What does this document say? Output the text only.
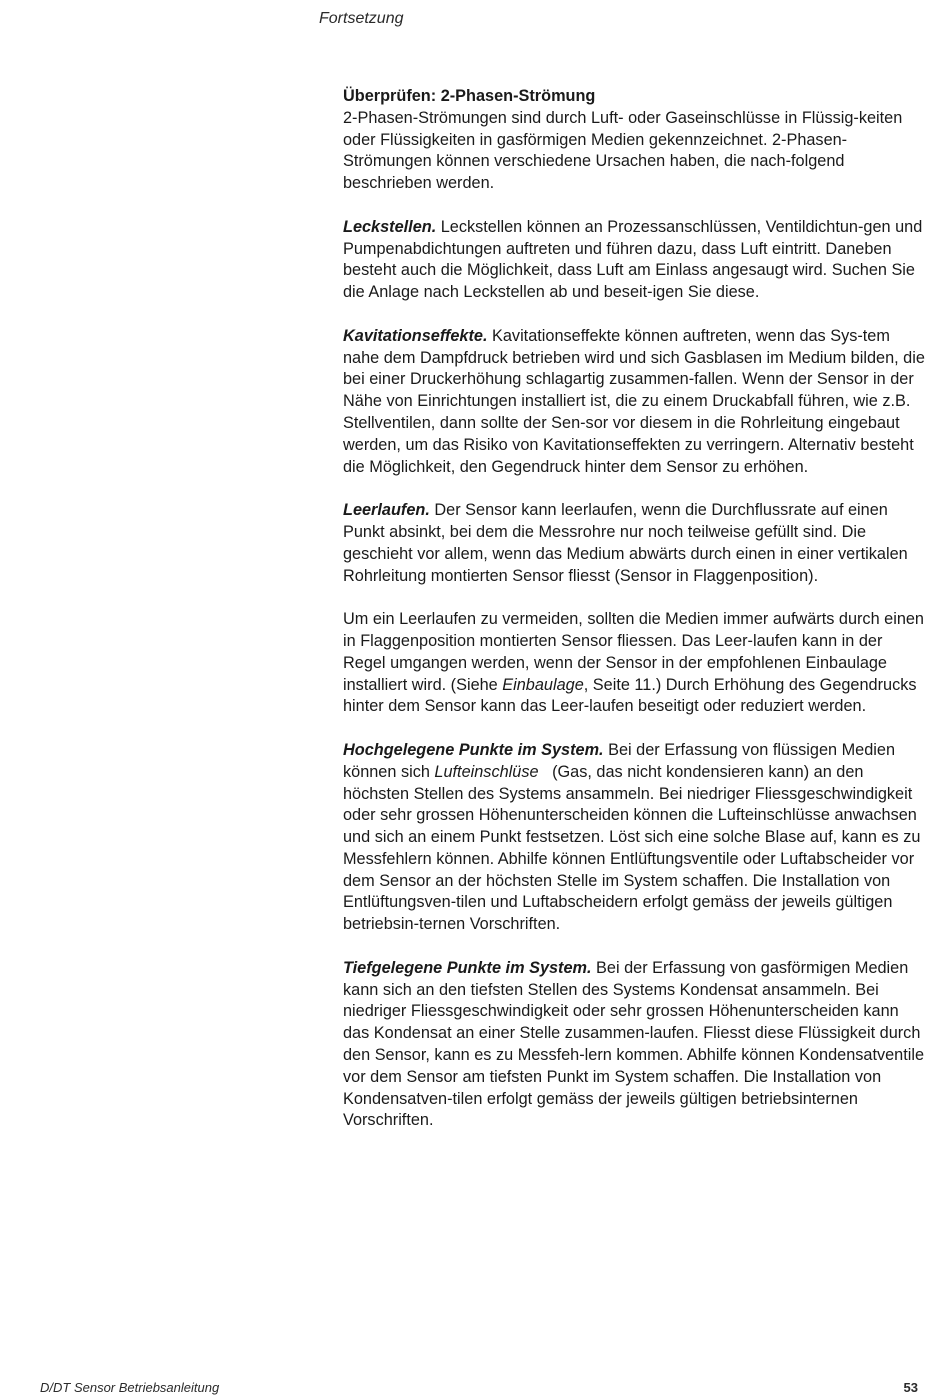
Fortsetzung

Überprüfen: 2-Phasen-Strömung
2-Phasen-Strömungen sind durch Luft- oder Gaseinschlüsse in Flüssig-keiten oder Flüssigkeiten in gasförmigen Medien gekennzeichnet. 2-Phasen-Strömungen können verschiedene Ursachen haben, die nach-folgend beschrieben werden.

Leckstellen. Leckstellen können an Prozessanschlüssen, Ventildichtun-gen und Pumpenabdichtungen auftreten und führen dazu, dass Luft eintritt. Daneben besteht auch die Möglichkeit, dass Luft am Einlass angesaugt wird. Suchen Sie die Anlage nach Leckstellen ab und beseit-igen Sie diese.

Kavitationseffekte. Kavitationseffekte können auftreten, wenn das Sys-tem nahe dem Dampfdruck betrieben wird und sich Gasblasen im Medium bilden, die bei einer Druckerhöhung schlagartig zusammen-fallen. Wenn der Sensor in der Nähe von Einrichtungen installiert ist, die zu einem Druckabfall führen, wie z.B. Stellventilen, dann sollte der Sen-sor vor diesem in die Rohrleitung eingebaut werden, um das Risiko von Kavitationseffekten zu verringern. Alternativ besteht die Möglichkeit, den Gegendruck hinter dem Sensor zu erhöhen.

Leerlaufen. Der Sensor kann leerlaufen, wenn die Durchflussrate auf einen Punkt absinkt, bei dem die Messrohre nur noch teilweise gefüllt sind. Die geschieht vor allem, wenn das Medium abwärts durch einen in einer vertikalen Rohrleitung montierten Sensor fliesst (Sensor in Flaggenposition).

Um ein Leerlaufen zu vermeiden, sollten die Medien immer aufwärts durch einen in Flaggenposition montierten Sensor fliessen. Das Leer-laufen kann in der Regel umgangen werden, wenn der Sensor in der empfohlenen Einbaulage installiert wird. (Siehe Einbaulage, Seite 11.) Durch Erhöhung des Gegendrucks hinter dem Sensor kann das Leer-laufen beseitigt oder reduziert werden.

Hochgelegene Punkte im System. Bei der Erfassung von flüssigen Medien können sich Lufteinschlüse   (Gas, das nicht kondensieren kann) an den höchsten Stellen des Systems ansammeln. Bei niedriger Fliessgeschwindigkeit oder sehr grossen Höhenunterscheiden können die Lufteinschlüsse anwachsen und sich an einem Punkt festsetzen. Löst sich eine solche Blase auf, kann es zu Messfehlern können. Abhilfe können Entlüftungsventile oder Luftabscheider vor dem Sensor an der höchsten Stelle im System schaffen. Die Installation von Entlüftungsven-tilen und Luftabscheidern erfolgt gemäss der jeweils gültigen betriebsin-ternen Vorschriften.

Tiefgelegene Punkte im System. Bei der Erfassung von gasförmigen Medien kann sich an den tiefsten Stellen des Systems Kondensat ansammeln. Bei niedriger Fliessgeschwindigkeit oder sehr grossen Höhenunterscheiden kann das Kondensat an einer Stelle zusammen-laufen. Fliesst diese Flüssigkeit durch den Sensor, kann es zu Messfeh-lern kommen. Abhilfe können Kondensatventile vor dem Sensor am tiefsten Punkt im System schaffen. Die Installation von Kondensatven-tilen erfolgt gemäss der jeweils gültigen betriebsinternen Vorschriften.

D/DT Sensor Betriebsanleitung	53
